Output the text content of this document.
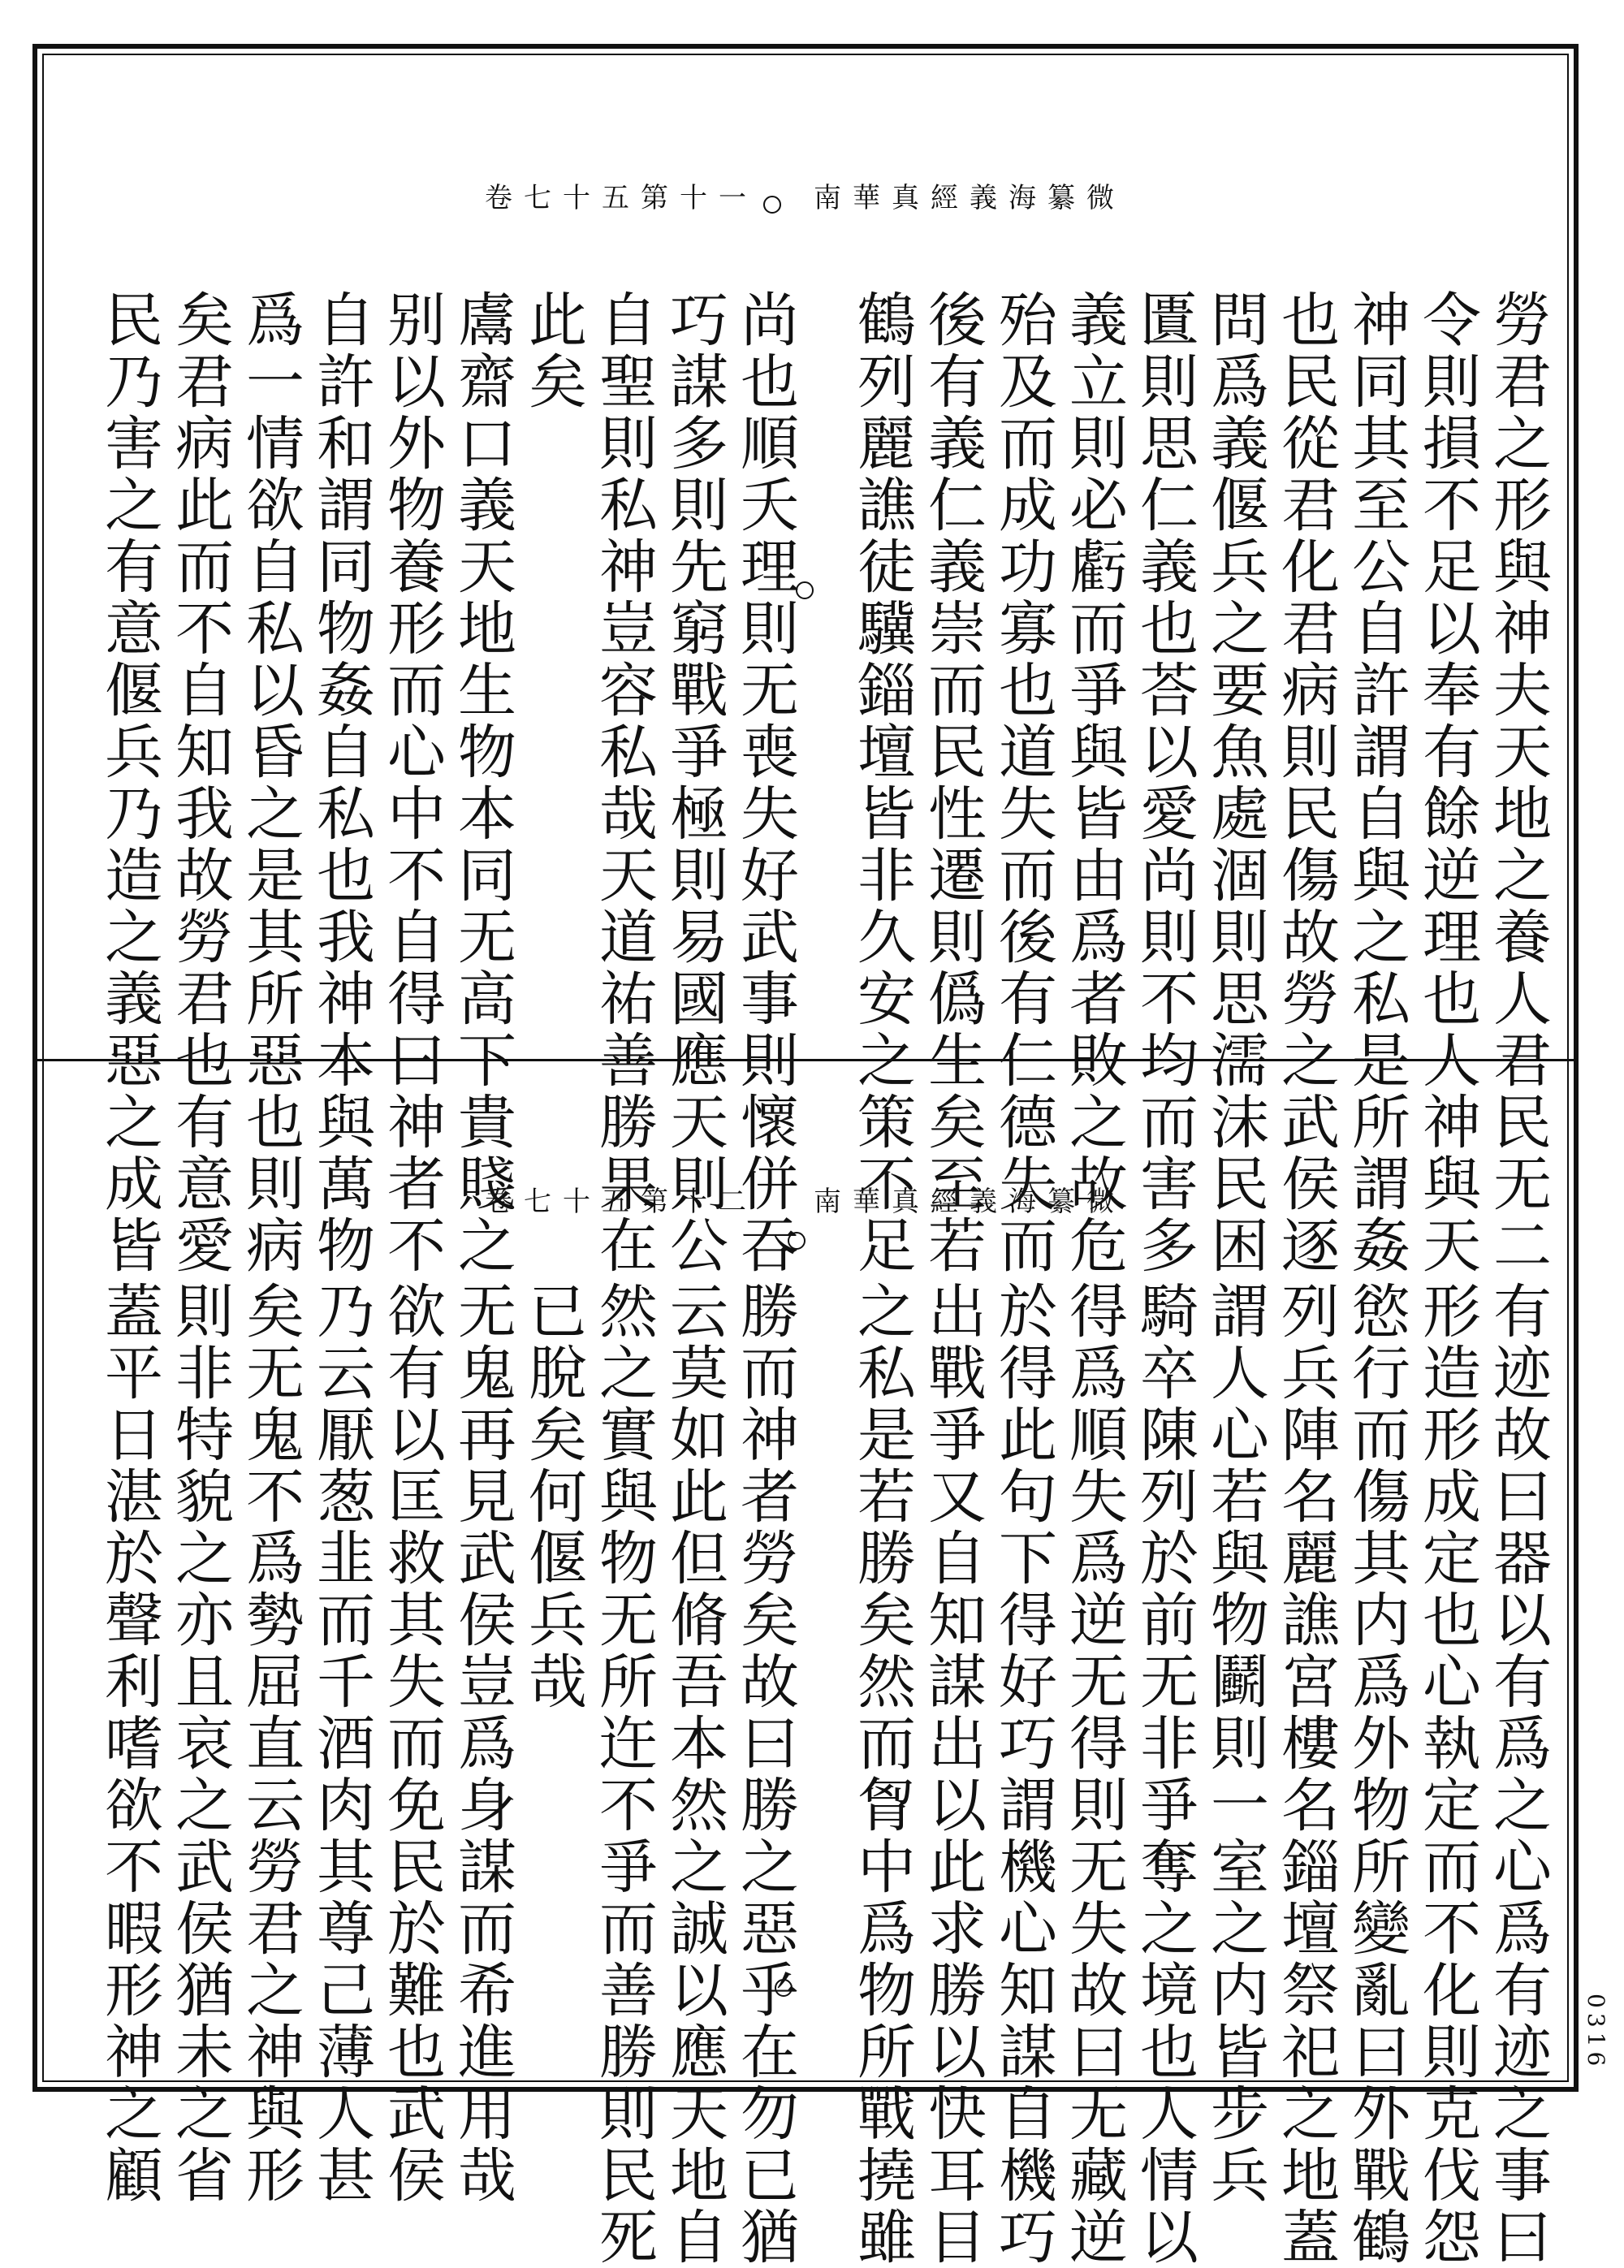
南華真經義海纂微
卷七十五第十一
勞君之形與神夫天地之養人君民无二
令則損不足以奉有餘逆理也人神與天
神同其至公自許謂自與之私是所謂姦
也民從君化君病則民傷故勞之武侯逐
問爲義偃兵之要魚處涸則思濡沫民困
匱則思仁義也荅以愛尚則不均而害多
義立則必虧而爭與皆由爲者敗之故危
殆及而成功寡也道失而後有仁德失而
後有義仁義崇而民性遷則僞生矣至若
鶴列麗譙徒驥錙壇皆非久安之策不足
尚也順夭理則无喪失好武事則懷併吞
巧謀多則先窮戰爭極則易國應天則公
自聖則私神豈容私哉天道祐善勝果在
此矣
鬳齋口義天地生物本同无高下貴賤之
别以外物養形而心中不自得曰神者不
自許和謂同物姦自私也我神本與萬物
爲一情欲自私以昏之是其所惡也則病
矣君病此而不自知我故勞君也有意愛
民乃害之有意偃兵乃造之義惡之成皆	南華真經義海纂微
卷七十五第十二
有迹故曰器以有爲之心爲有迹之事曰
形造形成定也心執定而不化則克伐怨
慾行而傷其内爲外物所變亂曰外戰鶴
列兵陣名麗譙宮樓名錙壇祭祀之地蓋
謂人心若與物鬬則一室之内皆步兵
騎卒陳列於前无非爭奪之境也人情以
得爲順失爲逆无得則无失故曰无藏逆
於得此句下得好巧謂機心知謀自機巧
出戰爭又自知謀出以此求勝以快耳目
之私是若勝矣然而胷中爲物所戰撓雖
勝而神者勞矣故曰勝之惡乎在勿已猶
云莫如此但脩吾本然之誠以應天地自
然之實與物无所迕不爭而善勝則民死
已脫矣何偃兵哉
无鬼再見武侯豈爲身謀而希進用哉
欲有以匡救其失而免民於難也武侯
乃云厭葱韭而千酒肉其尊己薄人甚
矣无鬼不爲勢屈直云勞君之神與形
則非特貌之亦且哀之武侯猶未之省
蓋平日湛於聲利嗜欲不暇形神之顧	0316
